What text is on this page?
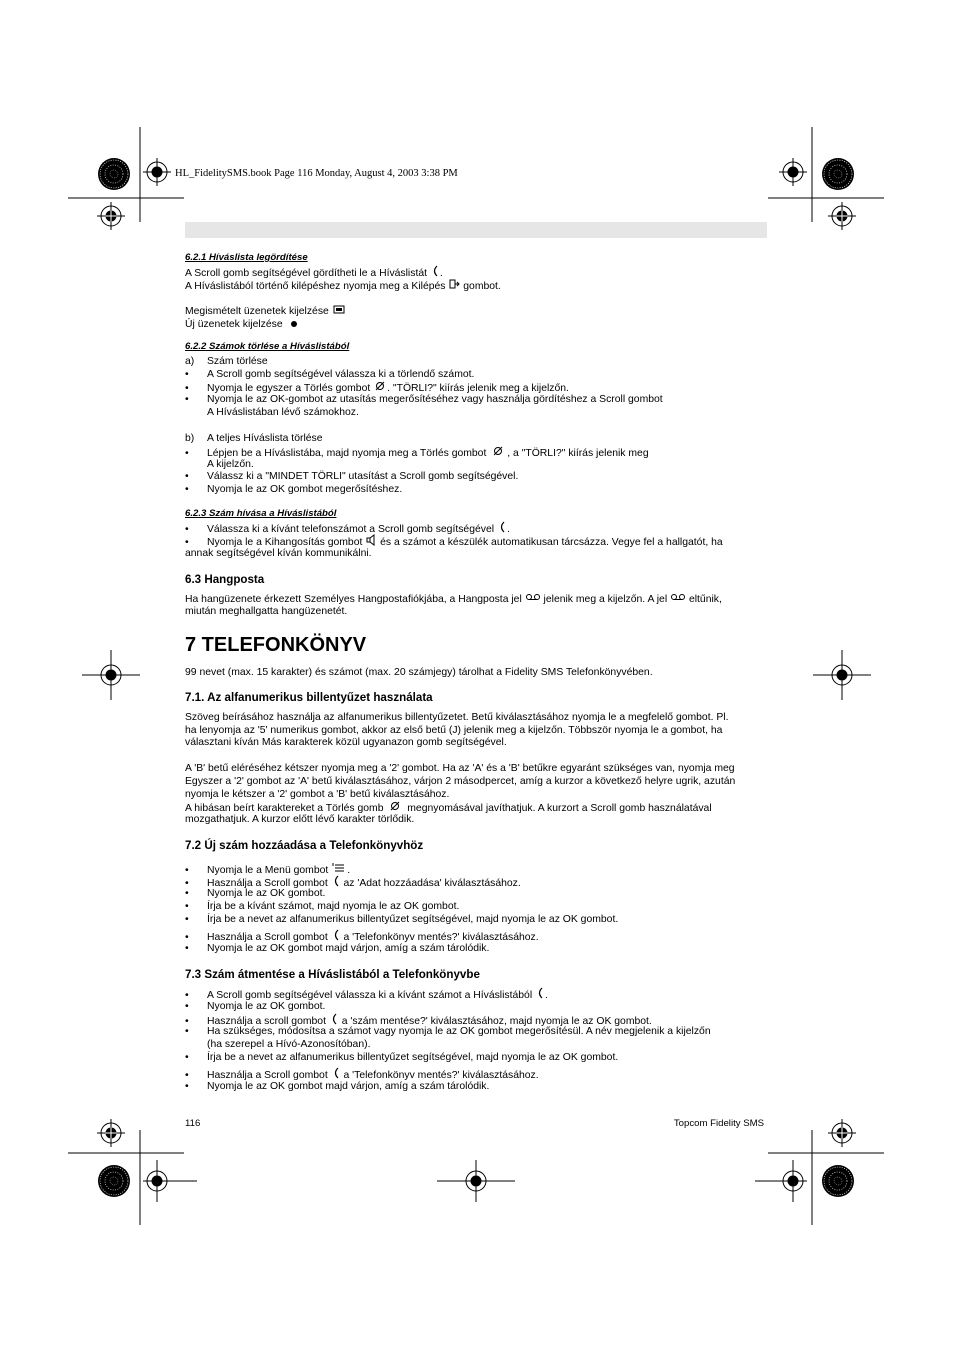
HL_FidelitySMS.book Page 116 Monday, August 4, 2003 3:38 PM
6.2.1 Híváslista legördítése
A Scroll gomb segítségével gördítheti le a Híváslistát .
A Híváslistából történő kilépéshez nyomja meg a Kilépés gombot.
Megismételt üzenetek kijelzése
Új üzenetek kijelzése
6.2.2 Számok törlése a Híváslistából
a) Szám törlése
• A Scroll gomb segítségével válassza ki a törlendő számot.
• Nyomja le egyszer a Törlés gombot . "TÖRLI?" kiírás jelenik meg a kijelzőn.
• Nyomja le az OK-gombot az utasítás megerősítéséhez vagy használja gördítéshez a Scroll gombot
A Híváslistában lévő számokhoz.
b) A teljes Híváslista törlése
• Lépjen be a Híváslistába, majd nyomja meg a Törlés gombot , a "TÖRLI?" kiírás jelenik meg
A kijelzőn.
• Válassz ki a "MINDET TÖRLI" utasítást a Scroll gomb segítségével.
• Nyomja le az OK gombot megerősítéshez.
6.2.3 Szám hívása a Híváslistából
• Válassza ki a kívánt telefonszámot a Scroll gomb segítségével .
• Nyomja le a Kihangosítás gombot és a számot a készülék automatikusan tárcsázza. Vegye fel a hallgatót, ha
annak segítségével kíván kommunikálni.
6.3 Hangposta
Ha hangüzenete érkezett Személyes Hangpostafiókjába, a Hangposta jel jelenik meg a kijelzőn. A jel eltűnik,
miután meghallgatta hangüzenetét.
7 TELEFONKÖNYV
99 nevet (max. 15 karakter) és számot (max. 20 számjegy) tárolhat a Fidelity SMS Telefonkönyvében.
7.1. Az alfanumerikus billentyűzet használata
Szöveg beírásához használja az alfanumerikus billentyűzetet. Betű kiválasztásához nyomja le a megfelelő gombot. Pl.
ha lenyomja az '5' numerikus gombot, akkor az első betű (J) jelenik meg a kijelzőn. Többször nyomja le a gombot, ha
választani kíván Más karakterek közül ugyanazon gomb segítségével.
A 'B' betű eléréséhez kétszer nyomja meg a '2' gombot. Ha az 'A' és a 'B' betűkre egyaránt szükséges van, nyomja meg
Egyszer a '2' gombot az 'A' betű kiválasztásához, várjon 2 másodpercet, amíg a kurzor a következő helyre ugrik, azután
nyomja le kétszer a '2' gombot a 'B' betű kiválasztásához.
A hibásan beírt karaktereket a Törlés gomb megnyomásával javíthatjuk. A kurzort a Scroll gomb használatával
mozgathatjuk. A kurzor előtt lévő karakter törlődik.
7.2 Új szám hozzáadása a Telefonkönyvhöz
• Nyomja le a Menü gombot .
• Használja a Scroll gombot az 'Adat hozzáadása' kiválasztásához.
• Nyomja le az OK gombot.
• Írja be a kívánt számot, majd nyomja le az OK gombot.
• Írja be a nevet az alfanumerikus billentyűzet segítségével, majd nyomja le az OK gombot.
• Használja a Scroll gombot a 'Telefonkönyv mentés?' kiválasztásához.
• Nyomja le az OK gombot majd várjon, amíg a szám tárolódik.
7.3 Szám átmentése a Híváslistából a Telefonkönyvbe
• A Scroll gomb segítségével válassza ki a kívánt számot a Híváslistából .
• Nyomja le az OK gombot.
• Használja a scroll gombot a 'szám mentése?' kiválasztásához, majd nyomja le az OK gombot.
• Ha szükséges, módosítsa a számot vagy nyomja le az OK gombot megerősítésül. A név megjelenik a kijelzőn
(ha szerepel a Hívó-Azonosítóban).
• Írja be a nevet az alfanumerikus billentyűzet segítségével, majd nyomja le az OK gombot.
• Használja a Scroll gombot a 'Telefonkönyv mentés?' kiválasztásához.
• Nyomja le az OK gombot majd várjon, amíg a szám tárolódik.
116	Topcom Fidelity SMS
